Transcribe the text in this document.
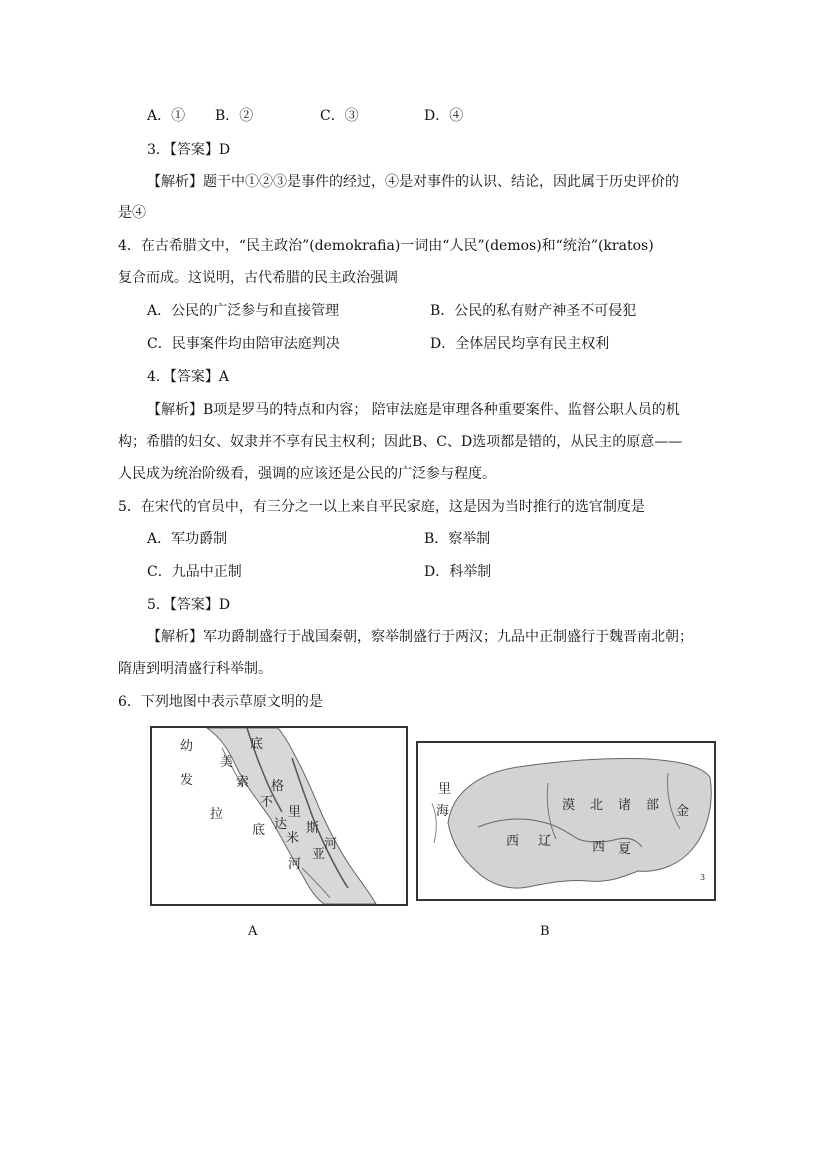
A．① B．②	C．③	D．④
3．【答案】D
【解析】题干中①②③是事件的经过，④是对事件的认识、结论，因此属于历史评价的
是④
4．在古希腊文中，“民主政治”(demokrafia)一词由“人民”(demos)和“统治”(kratos)
复合而成。这说明，古代希腊的民主政治强调
A．公民的广泛参与和直接管理	B．公民的私有财产神圣不可侵犯
C．民事案件均由陪审法庭判决	D．全体居民均享有民主权利
4．【答案】A
【解析】B项是罗马的特点和内容； 陪审法庭是审理各种重要案件、监督公职人员的机
构；希腊的妇女、奴隶并不享有民主权利；因此B、C、D选项都是错的，从民主的原意——
人民成为统治阶级看，强调的应该还是公民的广泛参与程度。
5．在宋代的官员中，有三分之一以上来自平民家庭，这是因为当时推行的选官制度是
A．军功爵制	B．察举制
C．九品中正制	D．科举制
5．【答案】D
【解析】军功爵制盛行于战国秦朝，察举制盛行于两汉；九品中正制盛行于魏晋南北朝；
隋唐到明清盛行科举制。
6．下列地图中表示草原文明的是
幼
发
拉
美
索
底
格
不
达
底
里
米
斯
河
亚
河
A
里
海	漠 北 诸 部 金
西 辽	西 夏
3
B
